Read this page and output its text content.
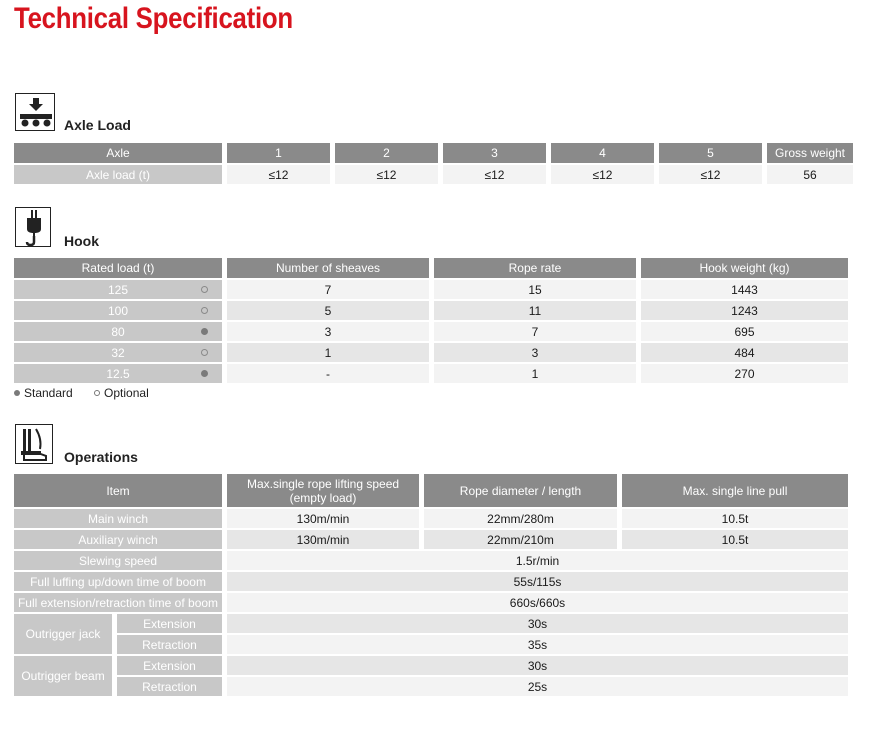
Technical Specification
Axle Load
Axle	1	2	3	4	5	Gross weight
Axle load (t)	≤12	≤12	≤12	≤12	≤12	56
Hook
Rated load (t)	Number of sheaves	Rope rate	Hook weight (kg)
125	7	15	1443
100	5	11	1243
80	3	7	695
32	1	3	484
12.5	-	1	270
Standard
	Optional
Operations
Item		Max.single rope lifting speed (empty load)	Rope diameter / length	Max. single line pull
Main winch		130m/min	22mm/280m	10.5t
Auxiliary winch		130m/min	22mm/210m	10.5t
Slewing speed		1.5r/min		
Full luffing up/down time of boom		55s/115s		
Full extension/retraction time of boom		660s/660s		
Outrigger jack	Extension	30s		
	Retraction	35s		
Outrigger beam	Extension	30s		
	Retraction	25s		
